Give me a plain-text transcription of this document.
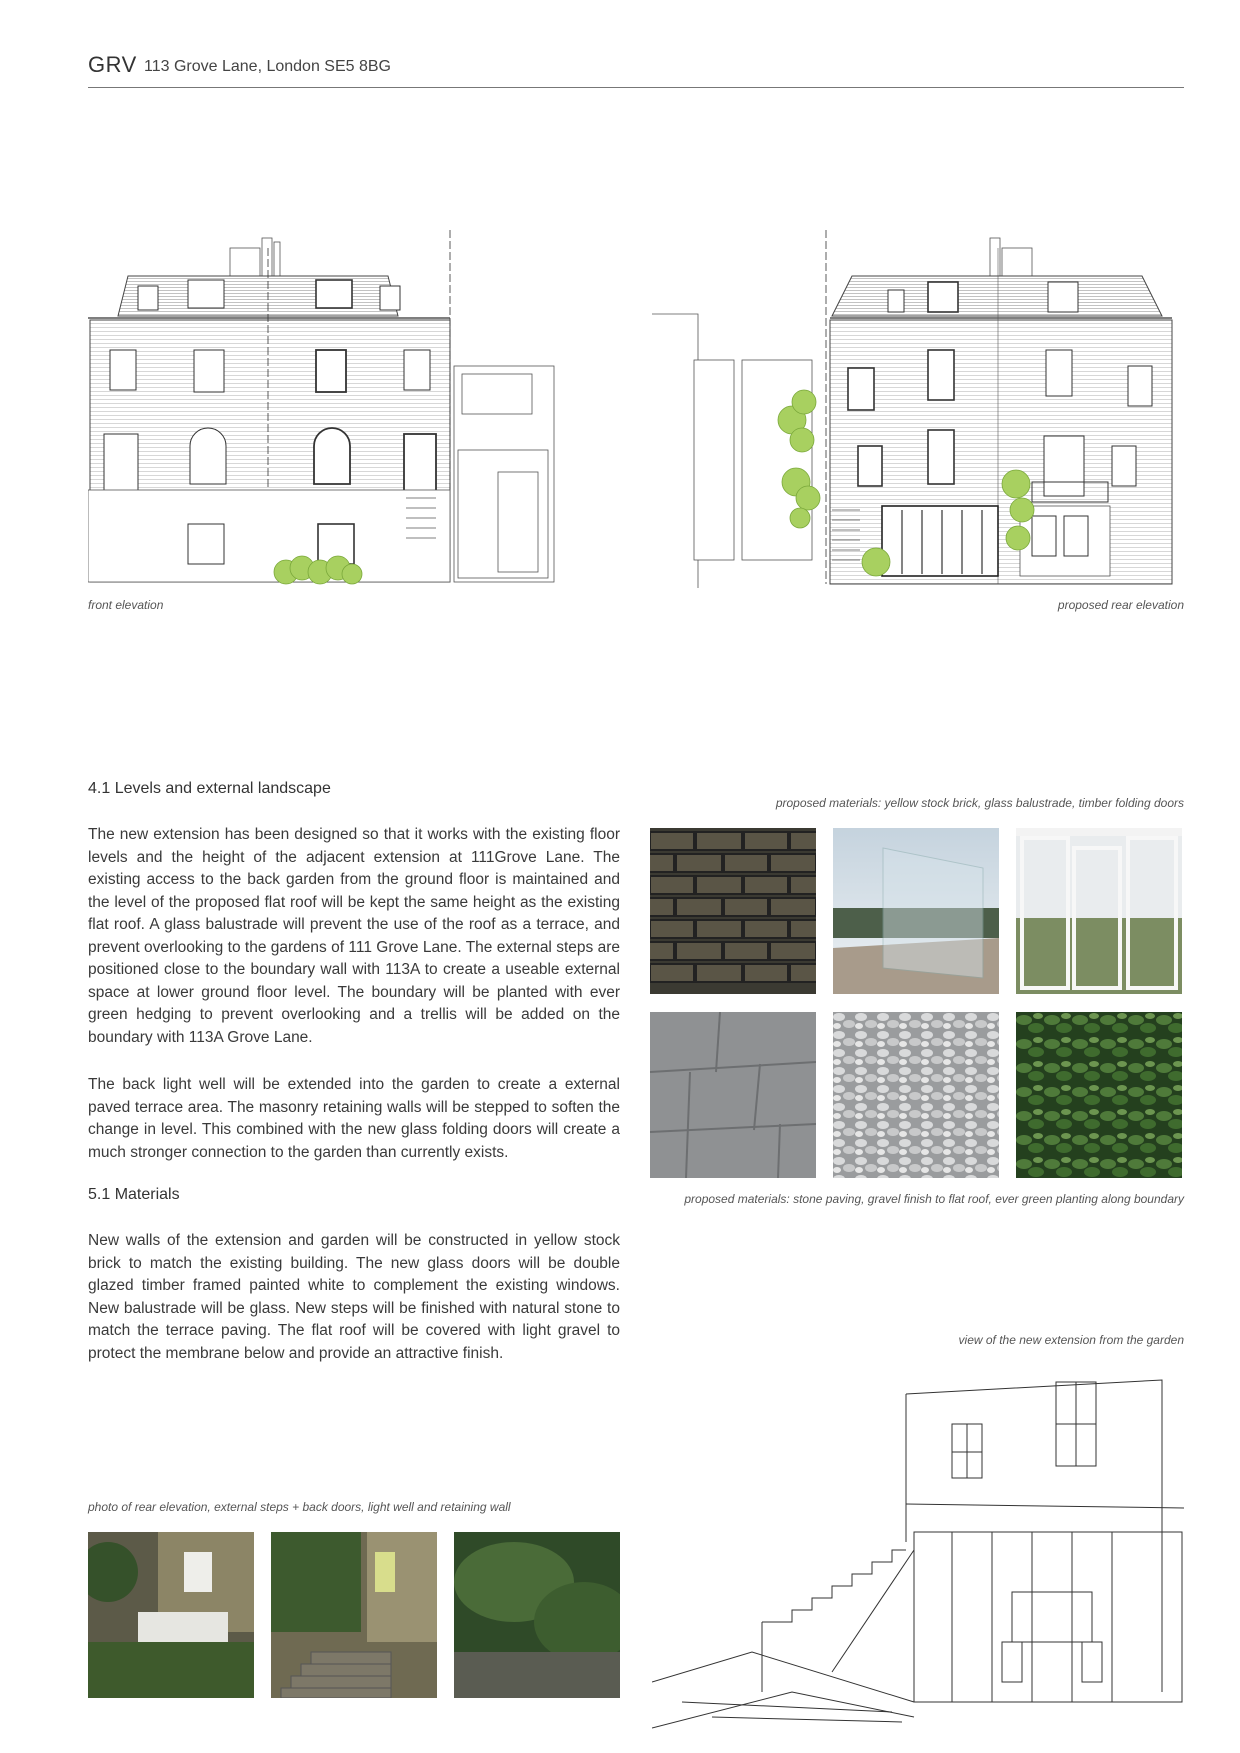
GRV 113 Grove Lane, London SE5 8BG
front elevation	proposed rear elevation
4.1 Levels and external landscape
The new extension has been designed so that it works with the existing floor levels and the height of the adjacent extension at 111Grove Lane. The existing access to the back garden from the ground floor is maintained and the level of the proposed flat roof will be kept the same height as the existing flat roof. A glass balustrade will prevent the use of the roof as a terrace, and prevent overlooking to the gardens of 111 Grove Lane. The external steps are positioned close to the boundary wall with 113A to create a useable external space at lower ground floor level. The boundary will be planted with ever green hedging to prevent overlooking and a trellis will be added on the boundary with 113A Grove Lane.
The back light well will be extended into the garden to create a external paved terrace area. The masonry retaining walls will be stepped to soften the change in level. This combined with the new glass folding doors will create a much stronger connection to the garden than currently exists.
5.1 Materials
New walls of the extension and garden will be constructed in yellow stock brick to match the existing building. The new glass doors will be double glazed timber framed painted white to complement the existing windows. New balustrade will be glass. New steps will be finished with natural stone to match the terrace paving. The flat roof will be covered with light gravel to protect the membrane below and provide an attractive finish.
proposed materials: yellow stock brick, glass balustrade, timber folding doors
proposed materials: stone paving, gravel finish to flat roof, ever green planting along boundary
view of the new extension from the garden
photo of rear elevation, external steps + back doors, light well and retaining wall
